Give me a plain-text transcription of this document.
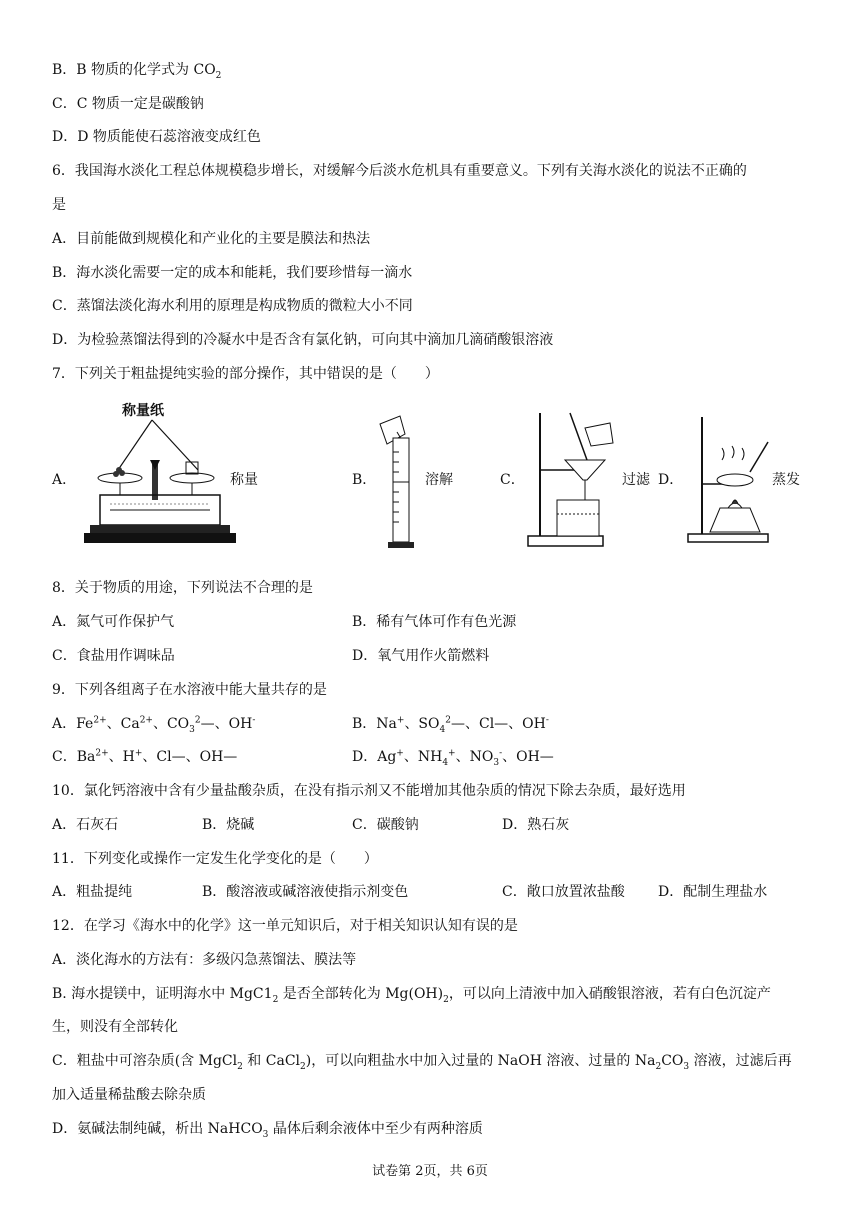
B．B 物质的化学式为 $CO_2$
C．C 物质一定是碳酸钠
D．D 物质能使石蕊溶液变成红色
6．我国海水淡化工程总体规模稳步增长，对缓解今后淡水危机具有重要意义。下列有关海水淡化的说法不正确的
是
A．目前能做到规模化和产业化的主要是膜法和热法
B．海水淡化需要一定的成本和能耗，我们要珍惜每一滴水
C．蒸馏法淡化海水利用的原理是构成物质的微粒大小不同
D．为检验蒸馏法得到的冷凝水中是否含有氯化钠，可向其中滴加几滴硝酸银溶液
7．下列关于粗盐提纯实验的部分操作，其中错误的是（　　）
A．
称量纸
称量	B．	溶解	C．	过滤 D．	蒸发
8．关于物质的用途，下列说法不合理的是
A．氮气可作保护气	B．稀有气体可作有色光源
C．食盐用作调味品	D．氧气用作火箭燃料
9．下列各组离子在水溶液中能大量共存的是
A．$Fe^{2+}$、$Ca^{2+}$、$CO_3^2—$、OH-	B．Na+、$SO_4^2—$、Cl—、OH-
C．$Ba^{2+}$、H+、Cl—、OH—	D．Ag+、$NH_4^+$、$NO_3^-$、OH—
10．氯化钙溶液中含有少量盐酸杂质，在没有指示剂又不能增加其他杂质的情况下除去杂质，最好选用
A．石灰石	B．烧碱	C．碳酸钠	D．熟石灰
11．下列变化或操作一定发生化学变化的是（　　）
A．粗盐提纯	B．酸溶液或碱溶液使指示剂变色	C．敞口放置浓盐酸 D．配制生理盐水
12．在学习《海水中的化学》这一单元知识后，对于相关知识认知有误的是
A．淡化海水的方法有：多级闪急蒸馏法、膜法等
B. 海水提镁中，证明海水中 $MgC1_2$ 是否全部转化为 $Mg(OH)_2$，可以向上清液中加入硝酸银溶液，若有白色沉淀产
生，则没有全部转化
C．粗盐中可溶杂质(含 MgCl$_2$ 和 CaCl$_2$)，可以向粗盐水中加入过量的 NaOH 溶液、过量的 $Na_2CO_3$ 溶液，过滤后再
加入适量稀盐酸去除杂质
D．氨碱法制纯碱，析出 NaHCO$_3$ 晶体后剩余液体中至少有两种溶质
试卷第 2页，共 6页
